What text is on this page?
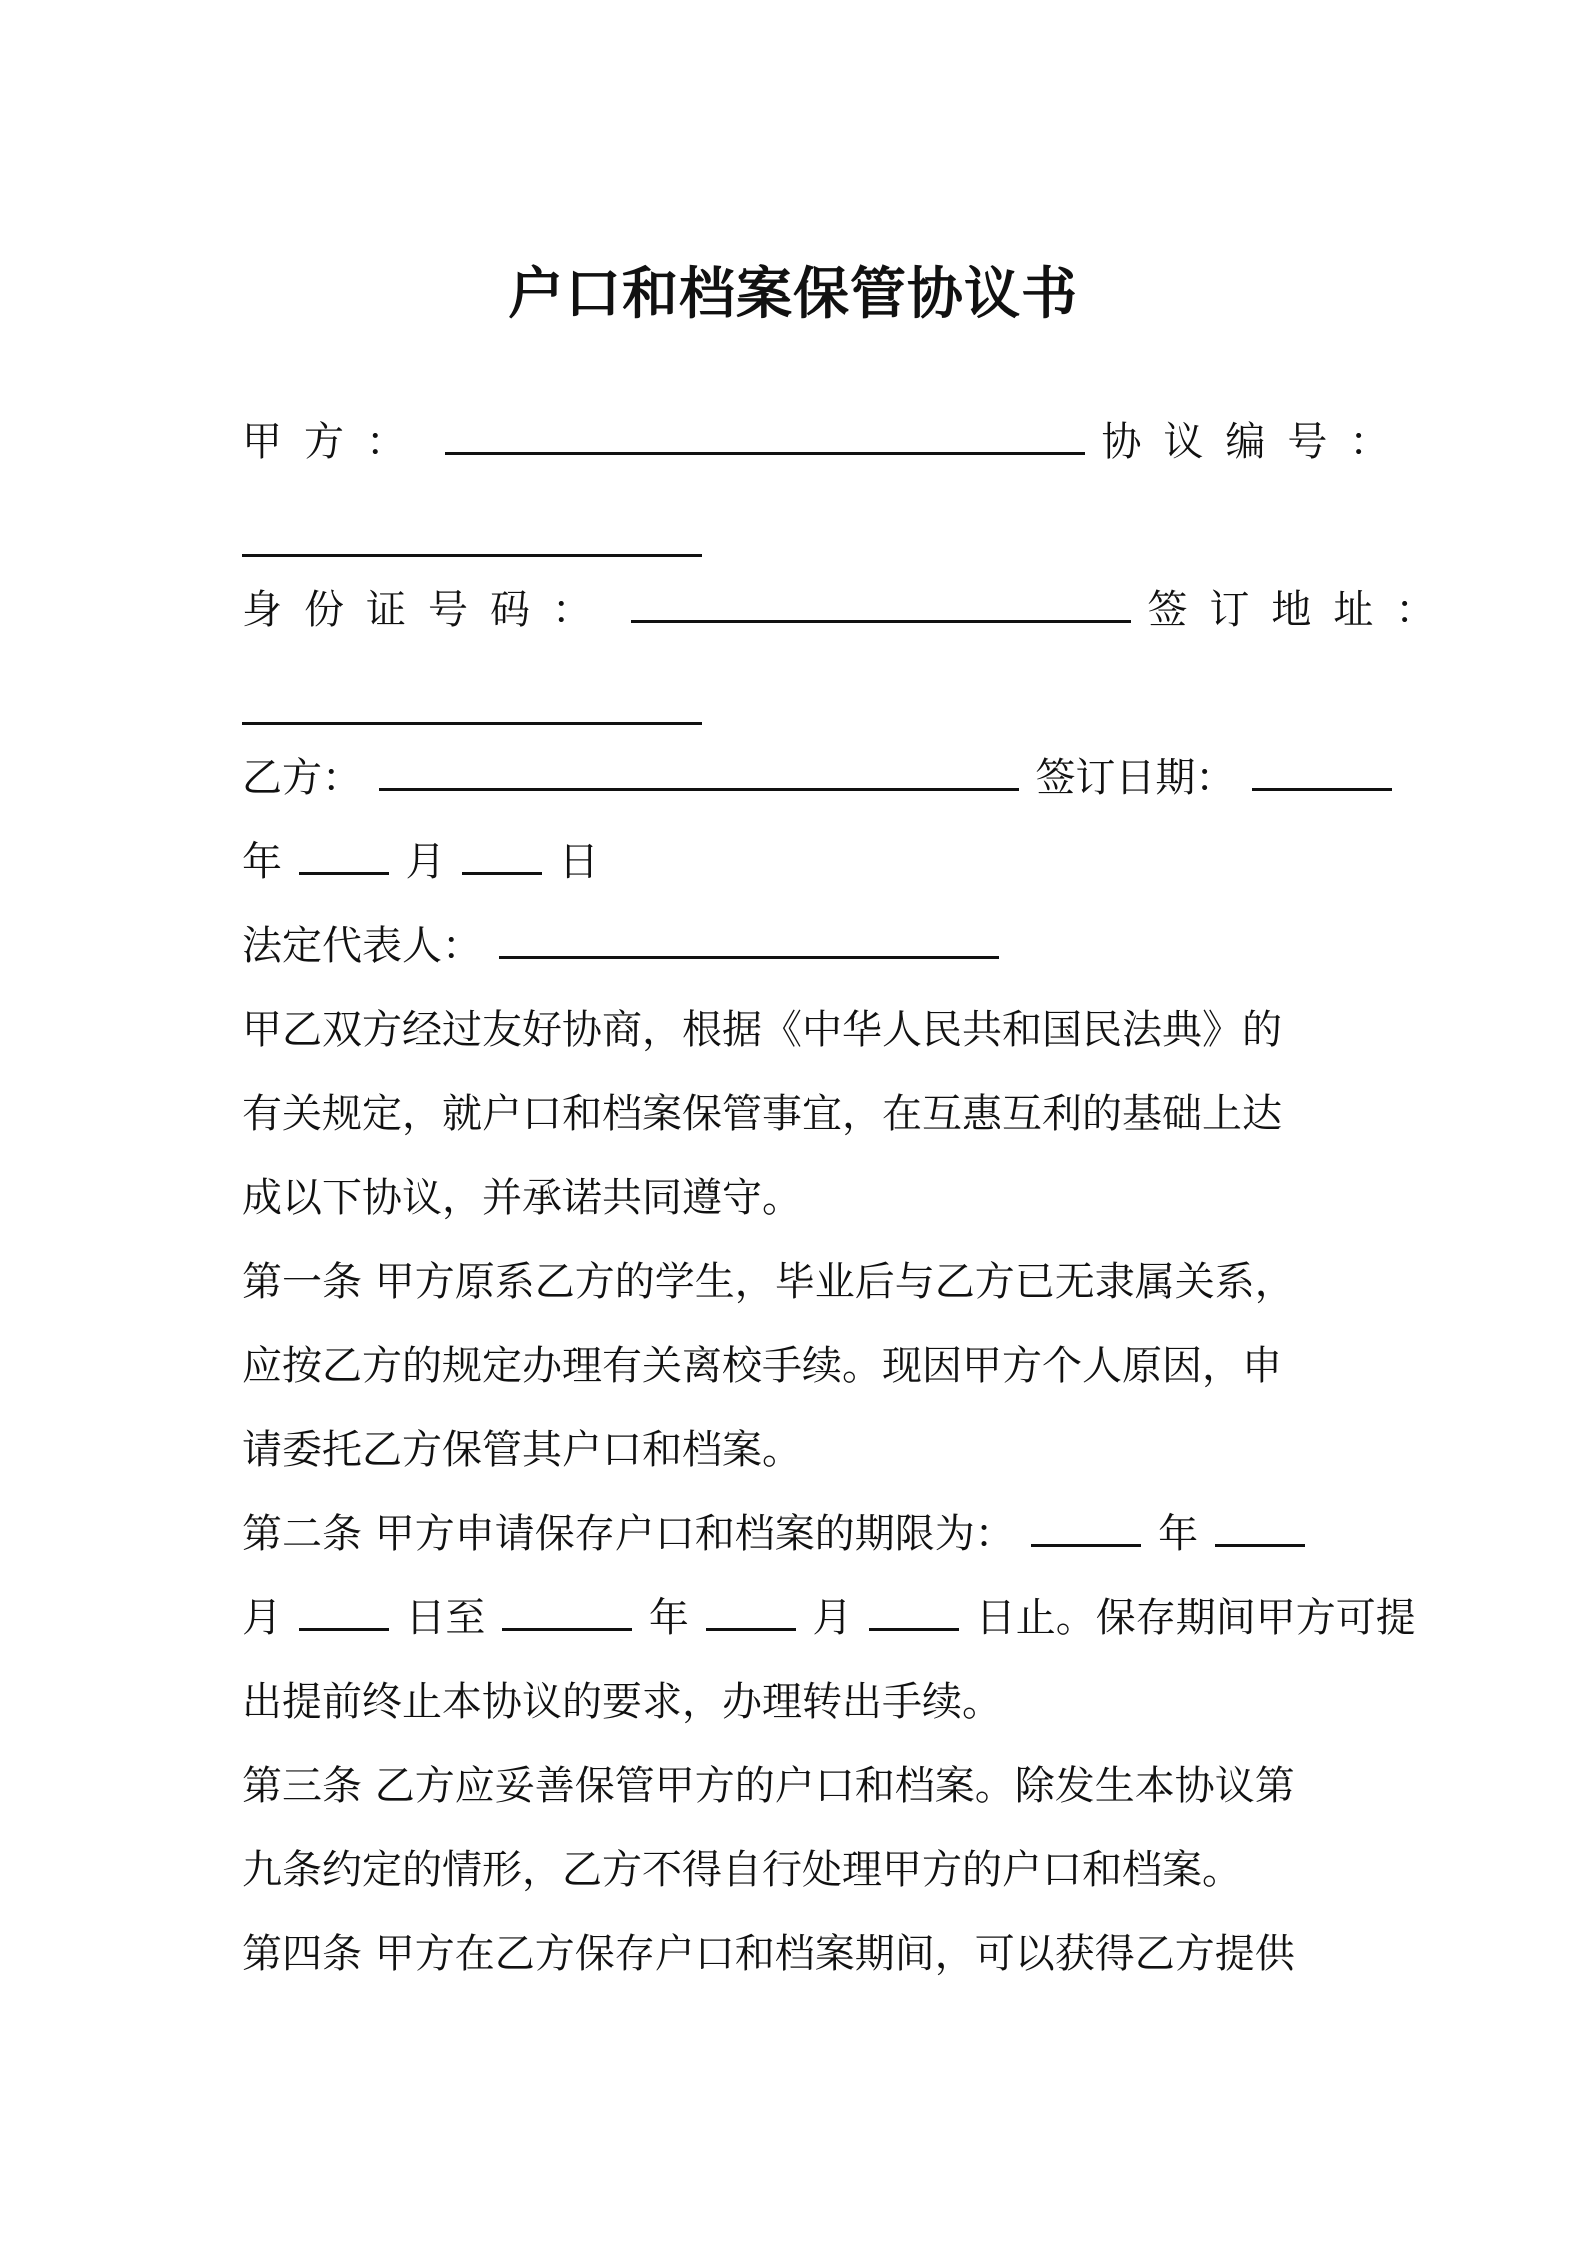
户口和档案保管协议书
甲方：	协议编号：
身份证号码：	签订地址：
乙方：	签订日期：
年	月	日
法定代表人：
甲乙双方经过友好协商，根据《中华人民共和国民法典》的
有关规定，就户口和档案保管事宜，在互惠互利的基础上达
成以下协议，并承诺共同遵守。
第一条 甲方原系乙方的学生，毕业后与乙方已无隶属关系，
应按乙方的规定办理有关离校手续。现因甲方个人原因，申
请委托乙方保管其户口和档案。
第二条 甲方申请保存户口和档案的期限为：	年
月	日至	年	月	日止。保存期间甲方可提
出提前终止本协议的要求，办理转出手续。
第三条 乙方应妥善保管甲方的户口和档案。除发生本协议第
九条约定的情形，乙方不得自行处理甲方的户口和档案。
第四条 甲方在乙方保存户口和档案期间，可以获得乙方提供
